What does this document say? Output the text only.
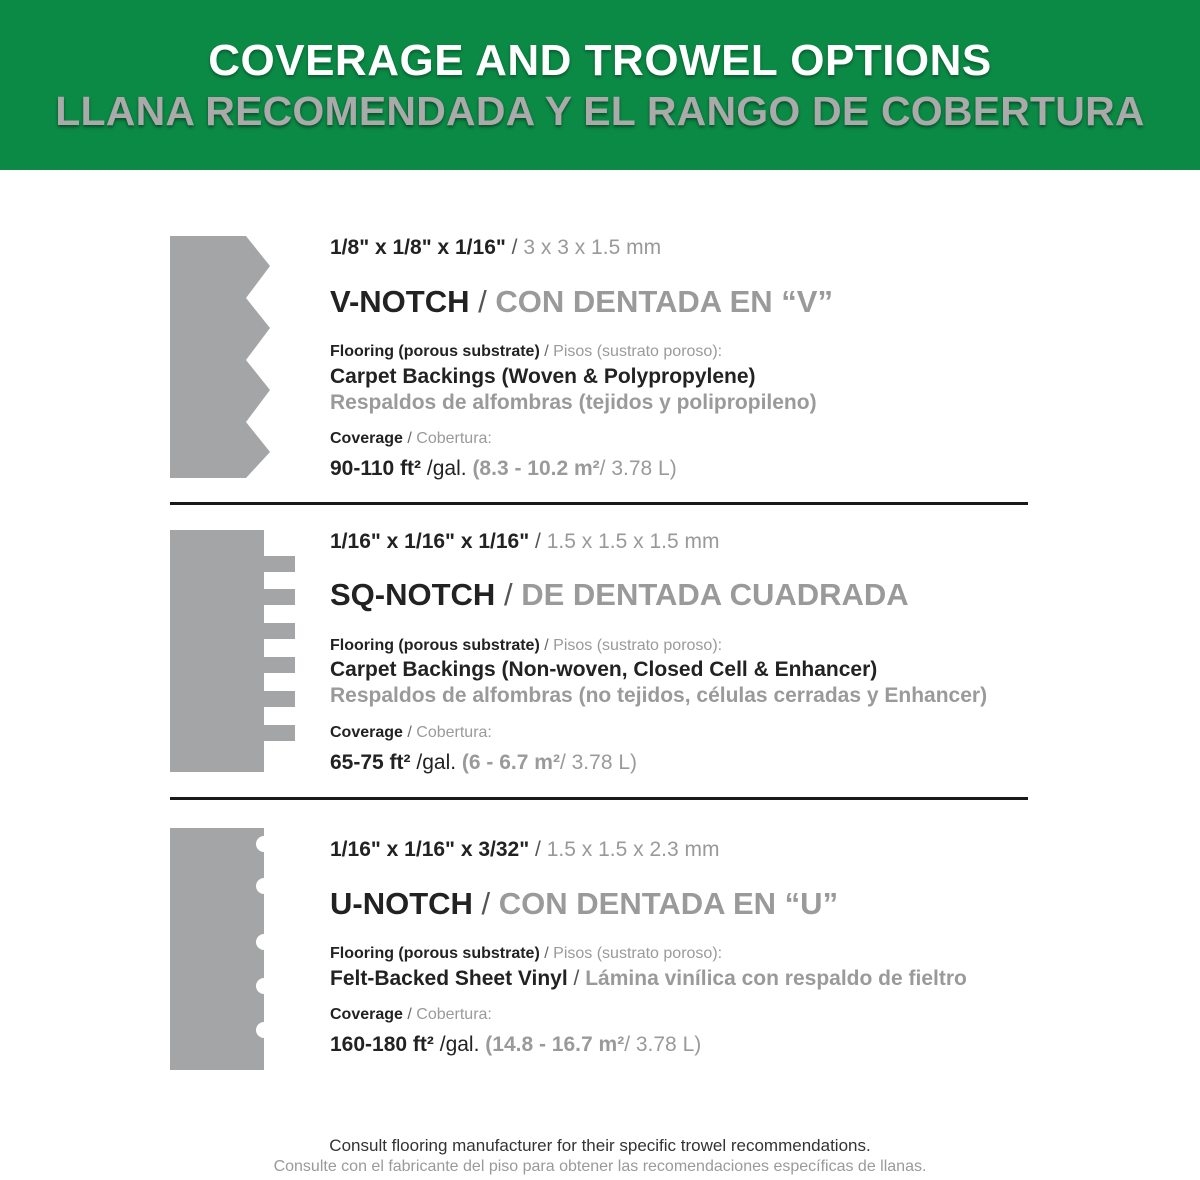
COVERAGE AND TROWEL OPTIONS
LLANA RECOMENDADA Y EL RANGO DE COBERTURA
1/8" x 1/8" x 1/16" / 3 x 3 x 1.5 mm
V-NOTCH / CON DENTADA EN “V”
Flooring (porous substrate) / Pisos (sustrato poroso):
Carpet Backings (Woven & Polypropylene)
Respaldos de alfombras (tejidos y polipropileno)
Coverage / Cobertura:
90-110 ft² /gal. (8.3 - 10.2 m²/ 3.78 L)
1/16" x 1/16" x 1/16" / 1.5 x 1.5 x 1.5 mm
SQ-NOTCH / DE DENTADA CUADRADA
Flooring (porous substrate) / Pisos (sustrato poroso):
Carpet Backings (Non-woven, Closed Cell & Enhancer)
Respaldos de alfombras (no tejidos, células cerradas y Enhancer)
Coverage / Cobertura:
65-75 ft² /gal. (6 - 6.7 m²/ 3.78 L)
1/16" x 1/16" x 3/32" / 1.5 x 1.5 x 2.3 mm
U-NOTCH / CON DENTADA EN “U”
Flooring (porous substrate) / Pisos (sustrato poroso):
Felt-Backed Sheet Vinyl / Lámina vinílica con respaldo de fieltro
Coverage / Cobertura:
160-180 ft² /gal. (14.8 - 16.7 m²/ 3.78 L)
Consult flooring manufacturer for their specific trowel recommendations.
Consulte con el fabricante del piso para obtener las recomendaciones específicas de llanas.
